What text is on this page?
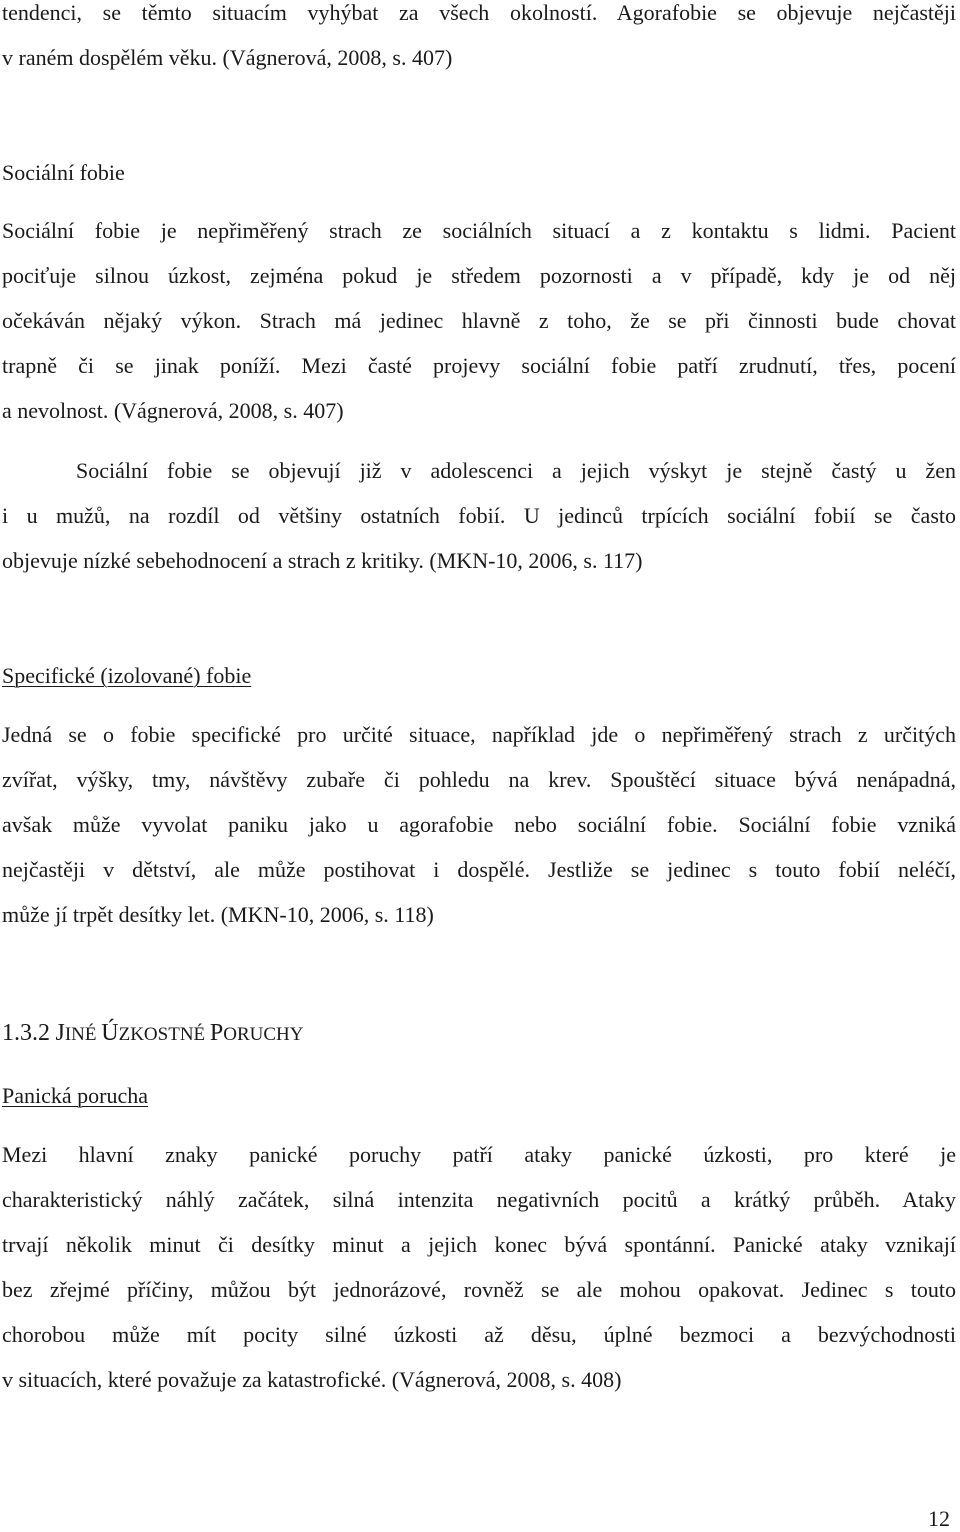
tendenci, se těmto situacím vyhýbat za všech okolností. Agorafobie se objevuje nejčastěji
v raném dospělém věku. (Vágnerová, 2008, s. 407)
Sociální fobie
Sociální fobie je nepřiměřený strach ze sociálních situací a z kontaktu s lidmi. Pacient
pociťuje silnou úzkost, zejména pokud je středem pozornosti a v případě, kdy je od něj
očekáván nějaký výkon. Strach má jedinec hlavně z toho, že se při činnosti bude chovat
trapně či se jinak poníží. Mezi časté projevy sociální fobie patří zrudnutí, třes, pocení
a nevolnost. (Vágnerová, 2008, s. 407)
Sociální fobie se objevují již v adolescenci a jejich výskyt je stejně častý u žen
i u mužů, na rozdíl od většiny ostatních fobií. U jedinců trpících sociální fobií se často
objevuje nízké sebehodnocení a strach z kritiky. (MKN-10, 2006, s. 117)
Specifické (izolované) fobie
Jedná se o fobie specifické pro určité situace, například jde o nepřiměřený strach z určitých
zvířat, výšky, tmy, návštěvy zubaře či pohledu na krev. Spouštěcí situace bývá nenápadná,
avšak může vyvolat paniku jako u agorafobie nebo sociální fobie. Sociální fobie vzniká
nejčastěji v dětství, ale může postihovat i dospělé. Jestliže se jedinec s touto fobií neléčí,
může jí trpět desítky let. (MKN-10, 2006, s. 118)
1.3.2 JINÉ ÚZKOSTNÉ PORUCHY
Panická porucha
Mezi hlavní znaky panické poruchy patří ataky panické úzkosti, pro které je
charakteristický náhlý začátek, silná intenzita negativních pocitů a krátký průběh. Ataky
trvají několik minut či desítky minut a jejich konec bývá spontánní. Panické ataky vznikají
bez zřejmé příčiny, můžou být jednorázové, rovněž se ale mohou opakovat. Jedinec s touto
chorobou může mít pocity silné úzkosti až děsu, úplné bezmoci a bezvýchodnosti
v situacích, které považuje za katastrofické. (Vágnerová, 2008, s. 408)
12
